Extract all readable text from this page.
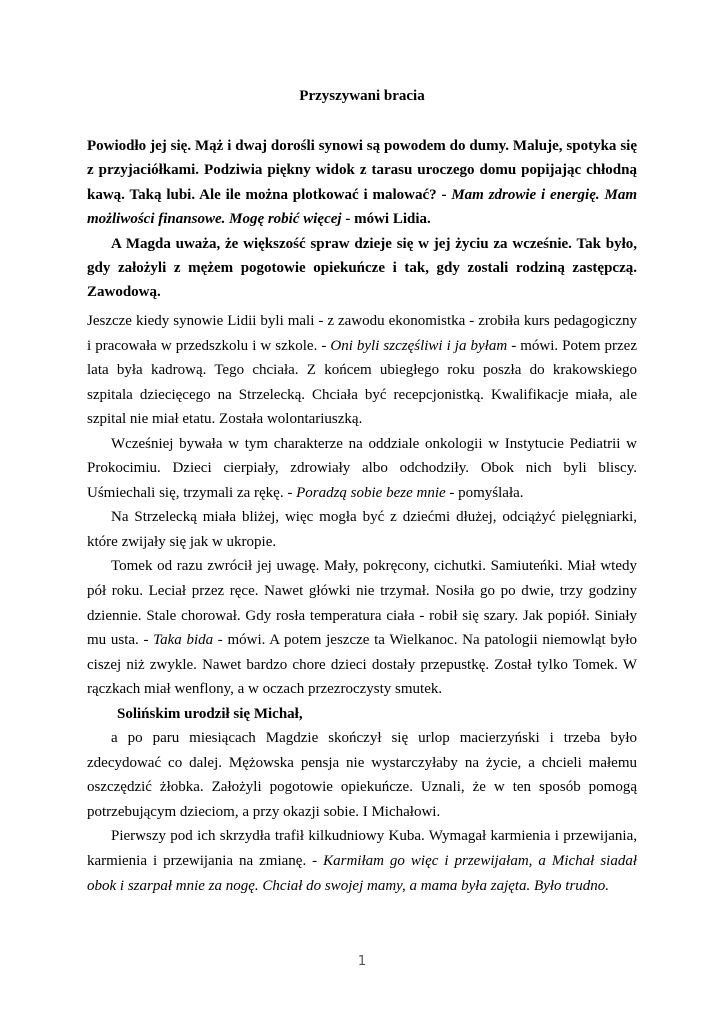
Przyszywani bracia

Powiodło jej się. Mąż i dwaj dorośli synowi są powodem do dumy. Maluje, spotyka się z przyjaciółkami. Podziwia piękny widok z tarasu uroczego domu popijając chłodną kawą. Taką lubi. Ale ile można plotkować i malować? - Mam zdrowie i energię. Mam możliwości finansowe. Mogę robić więcej - mówi Lidia.

A Magda uważa, że większość spraw dzieje się w jej życiu za wcześnie. Tak było, gdy założyli z mężem pogotowie opiekuńcze i tak, gdy zostali rodziną zastępczą. Zawodową.

Jeszcze kiedy synowie Lidii byli mali - z zawodu ekonomistka - zrobiła kurs pedagogiczny i pracowała w przedszkolu i w szkole. - Oni byli szczęśliwi i ja byłam - mówi. Potem przez lata była kadrową. Tego chciała. Z końcem ubiegłego roku poszła do krakowskiego szpitala dziecięcego na Strzelecką. Chciała być recepcjonistką. Kwalifikacje miała, ale szpital nie miał etatu. Została wolontariuszką.

Wcześniej bywała w tym charakterze na oddziale onkologii w Instytucie Pediatrii w Prokocimiu. Dzieci cierpiały, zdrowiały albo odchodziły. Obok nich byli bliscy. Uśmiechali się, trzymali za rękę. - Poradzą sobie beze mnie - pomyślała.

Na Strzelecką miała bliżej, więc mogła być z dziećmi dłużej, odciążyć pielęgniarki, które zwijały się jak w ukropie.

Tomek od razu zwrócił jej uwagę. Mały, pokręcony, cichutki. Samiuteńki. Miał wtedy pół roku. Leciał przez ręce. Nawet główki nie trzymał. Nosiła go po dwie, trzy godziny dziennie. Stale chorował. Gdy rosła temperatura ciała - robił się szary. Jak popiół. Siniały mu usta. - Taka bida - mówi. A potem jeszcze ta Wielkanoc. Na patologii niemowląt było ciszej niż zwykle. Nawet bardzo chore dzieci dostały przepustkę. Został tylko Tomek. W rączkach miał wenflony, a w oczach przezroczysty smutek.

Solińskim urodził się Michał,

a po paru miesiącach Magdzie skończył się urlop macierzyński i trzeba było zdecydować co dalej. Mężowska pensja nie wystarczyłaby na życie, a chcieli małemu oszczędzić żłobka. Założyli pogotowie opiekuńcze. Uznali, że w ten sposób pomogą potrzebującym dzieciom, a przy okazji sobie. I Michałowi.

Pierwszy pod ich skrzydła trafił kilkudniowy Kuba. Wymagał karmienia i przewijania, karmienia i przewijania na zmianę. - Karmiłam go więc i przewijałam, a Michał siadał obok i szarpał mnie za nogę. Chciał do swojej mamy, a mama była zajęta. Było trudno.

1
